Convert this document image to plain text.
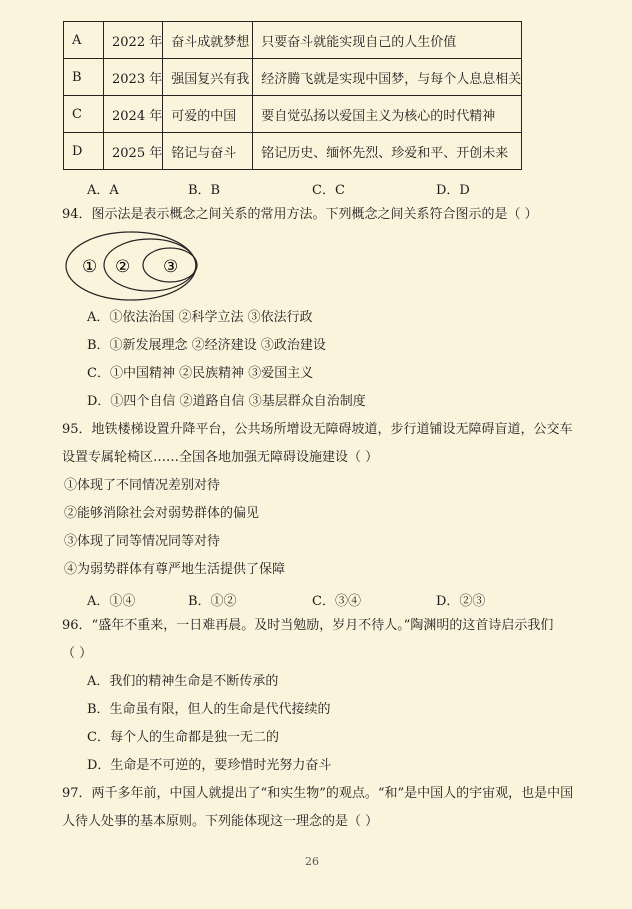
A	2022 年	奋斗成就梦想	只要奋斗就能实现自己的人生价值
B	2023 年	强国复兴有我	经济腾飞就是实现中国梦，与每个人息息相关
C	2024 年	可爱的中国	要自觉弘扬以爱国主义为核心的时代精神
D	2025 年	铭记与奋斗	铭记历史、缅怀先烈、珍爱和平、开创未来
A．A	B．B	C．C	D．D
94．图示法是表示概念之间关系的常用方法。下列概念之间关系符合图示的是（ ）
① ② ③
A．①依法治国 ②科学立法 ③依法行政
B．①新发展理念 ②经济建设 ③政治建设
C．①中国精神 ②民族精神 ③爱国主义
D．①四个自信 ②道路自信 ③基层群众自治制度
95．地铁楼梯设置升降平台，公共场所增设无障碍坡道，步行道铺设无障碍盲道，公交车
设置专属轮椅区……全国各地加强无障碍设施建设（ ）
①体现了不同情况差别对待
②能够消除社会对弱势群体的偏见
③体现了同等情况同等对待
④为弱势群体有尊严地生活提供了保障
A．①④	B．①②	C．③④	D．②③
96．“盛年不重来，一日难再晨。及时当勉励，岁月不待人。”陶渊明的这首诗启示我们
（ ）
A．我们的精神生命是不断传承的
B．生命虽有限，但人的生命是代代接续的
C．每个人的生命都是独一无二的
D．生命是不可逆的，要珍惜时光努力奋斗
97．两千多年前，中国人就提出了“和实生物”的观点。“和”是中国人的宇宙观，也是中国
人待人处事的基本原则。下列能体现这一理念的是（ ）
26
